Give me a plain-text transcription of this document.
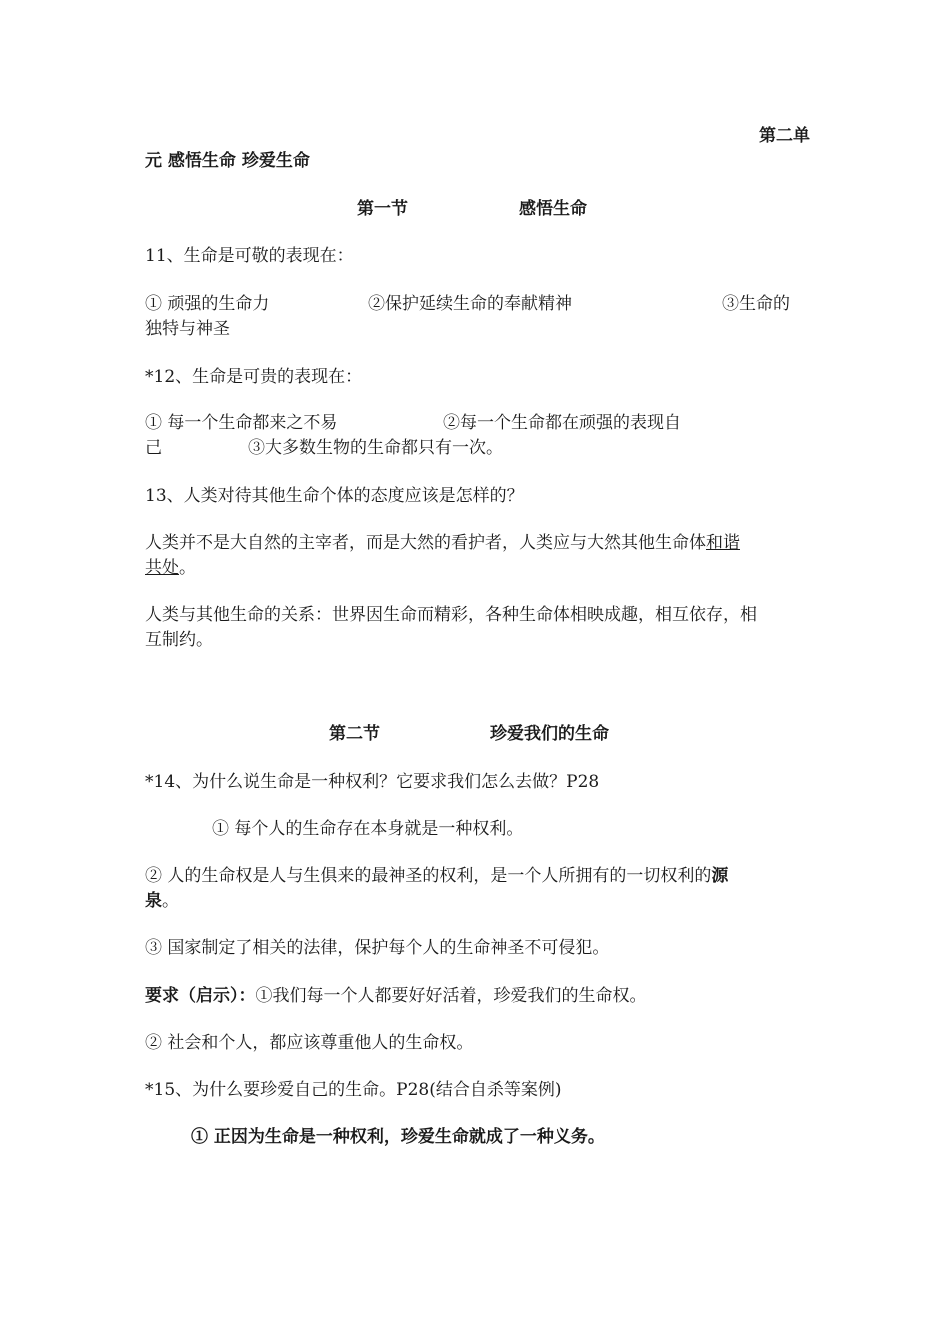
第二单
元 感悟生命 珍爱生命
第一节	感悟生命
11、生命是可敬的表现在：
① 顽强的生命力	②保护延续生命的奉献精神	③生命的
独特与神圣
*12、生命是可贵的表现在：
① 每一个生命都来之不易	②每一个生命都在顽强的表现自
己	③大多数生物的生命都只有一次。
13、人类对待其他生命个体的态度应该是怎样的？
人类并不是大自然的主宰者，而是大然的看护者，人类应与大然其他生命体和谐
共处。
人类与其他生命的关系：世界因生命而精彩，各种生命体相映成趣，相互依存，相
互制约。
第二节	珍爱我们的生命
*14、为什么说生命是一种权利？它要求我们怎么去做？P28
① 每个人的生命存在本身就是一种权利。
② 人的生命权是人与生俱来的最神圣的权利，是一个人所拥有的一切权利的源
泉。
③ 国家制定了相关的法律，保护每个人的生命神圣不可侵犯。
要求（启示）：①我们每一个人都要好好活着，珍爱我们的生命权。
② 社会和个人，都应该尊重他人的生命权。
*15、为什么要珍爱自己的生命。P28(结合自杀等案例)
① 正因为生命是一种权利，珍爱生命就成了一种义务。
